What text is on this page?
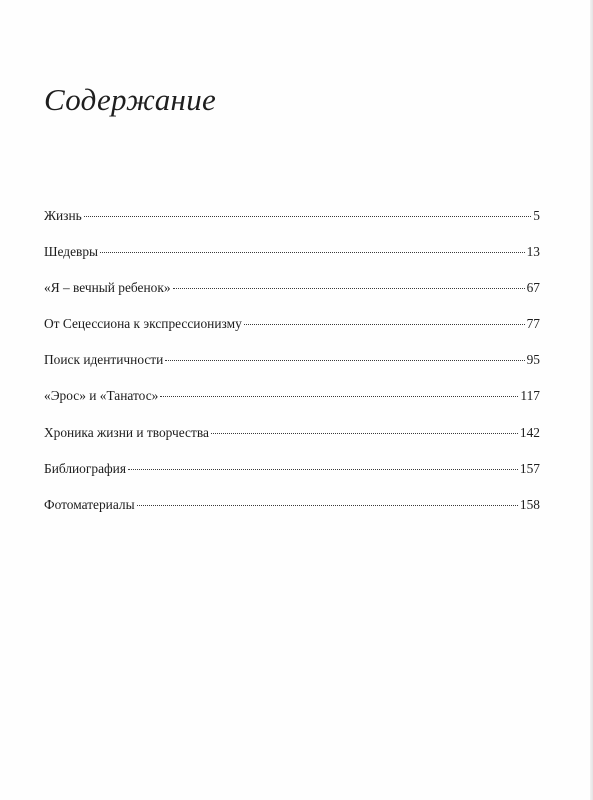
Содержание
Жизнь	5
Шедевры	13
«Я – вечный ребенок»	67
От Сецессиона к экспрессионизму	77
Поиск идентичности	95
«Эрос» и «Танатос»	117
Хроника жизни и творчества	142
Библиография	157
Фотоматериалы	158
